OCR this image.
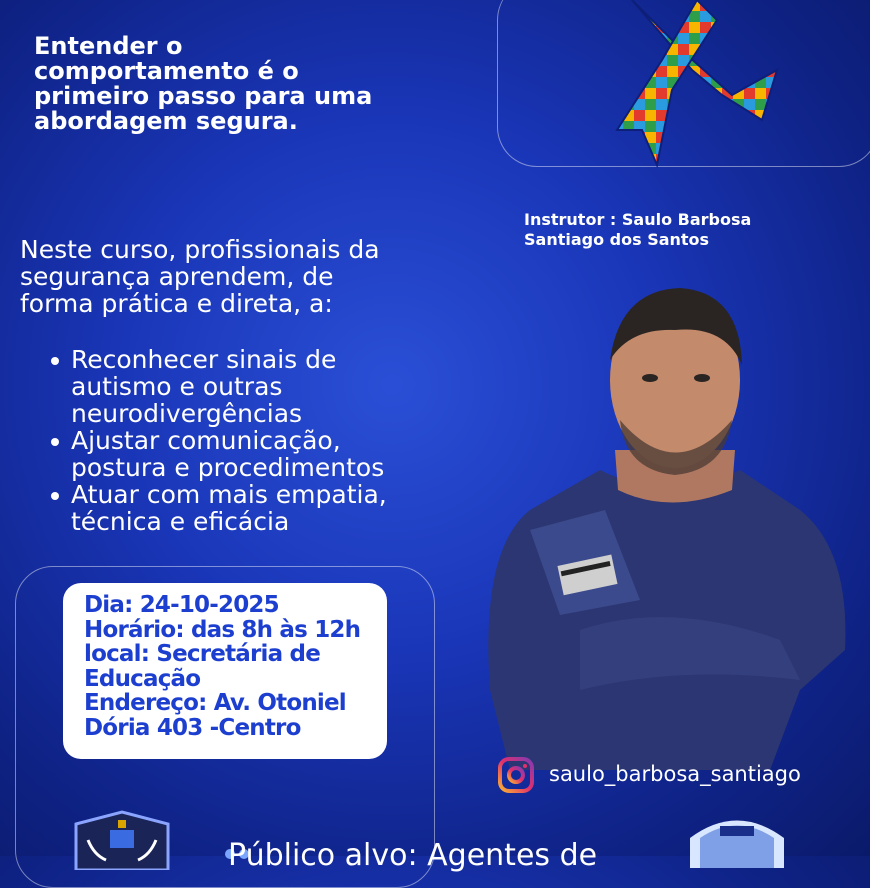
Entender o
comportamento é o
primeiro passo para uma
abordagem segura.

Instrutor : Saulo Barbosa
Santiago dos Santos

Neste curso, profissionais da
segurança aprendem, de
forma prática e direta, a:

Reconhecer sinais de
autismo e outras
neurodivergências
Ajustar comunicação,
postura e procedimentos
Atuar com mais empatia,
técnica e eficácia
Dia: 24-10-2025
Horário: das 8h às 12h
local: Secretária de
Educação
Endereço: Av. Otoniel
Dória 403 -Centro

saulo_barbosa_santiago

Público alvo: Agentes de
